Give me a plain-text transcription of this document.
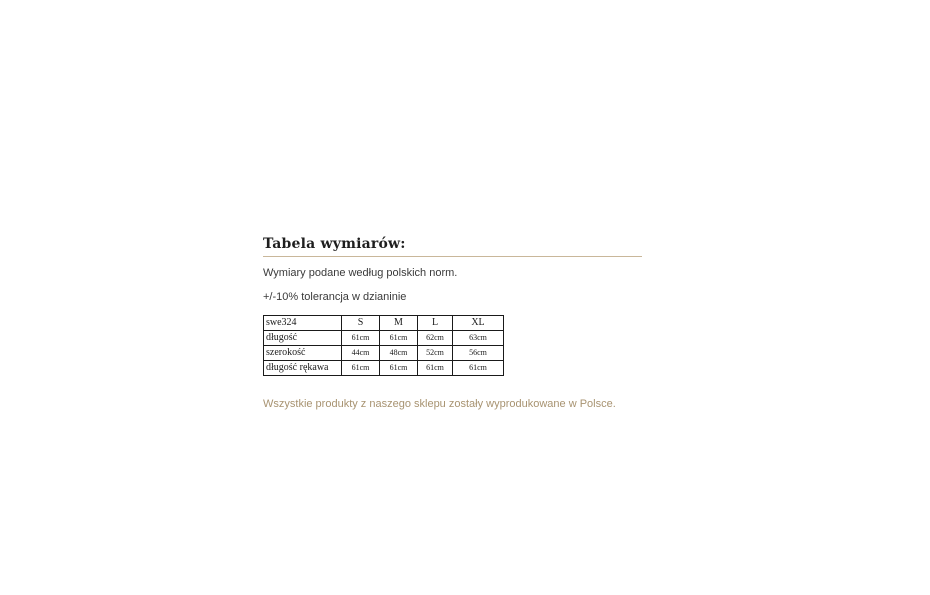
Tabela wymiarów:

Wymiary podane według polskich norm.

+/-10% tolerancja w dzianinie

swe324	S	M	L	XL
długość	61cm	61cm	62cm	63cm
szerokość	44cm	48cm	52cm	56cm
długość rękawa	61cm	61cm	61cm	61cm

Wszystkie produkty z naszego sklepu zostały wyprodukowane w Polsce.
